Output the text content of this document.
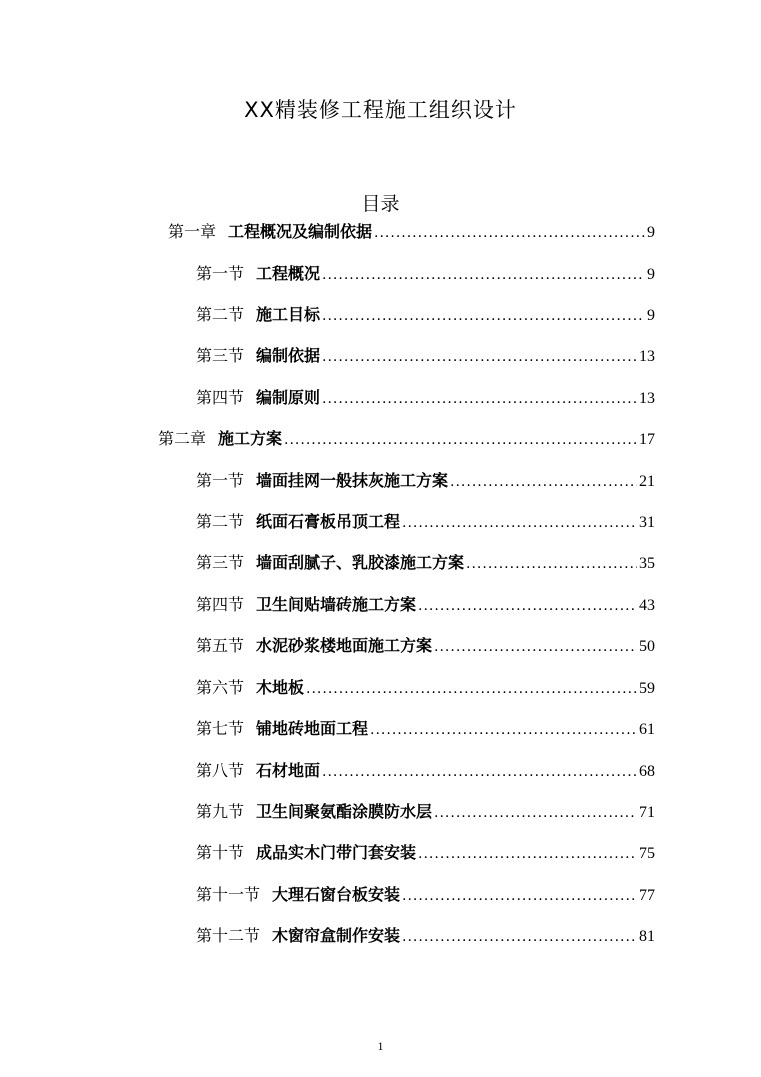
XX精装修工程施工组织设计
目录
第一章 工程概况及编制依据 .....	9
第一节 工程概况 .....	9
第二节 施工目标 .....	9
第三节 编制依据 .....	13
第四节 编制原则 .....	13
第二章 施工方案 .....	17
第一节 墙面挂网一般抹灰施工方案 .....	21
第二节 纸面石膏板吊顶工程 .....	31
第三节 墙面刮腻子、乳胶漆施工方案 .....	35
第四节 卫生间贴墙砖施工方案 .....	43
第五节 水泥砂浆楼地面施工方案 .....	50
第六节 木地板 .....	59
第七节 铺地砖地面工程 .....	61
第八节 石材地面 .....	68
第九节 卫生间聚氨酯涂膜防水层 .....	71
第十节 成品实木门带门套安装 .....	75
第十一节 大理石窗台板安装 .....	77
第十二节 木窗帘盒制作安装 .....	81
1
